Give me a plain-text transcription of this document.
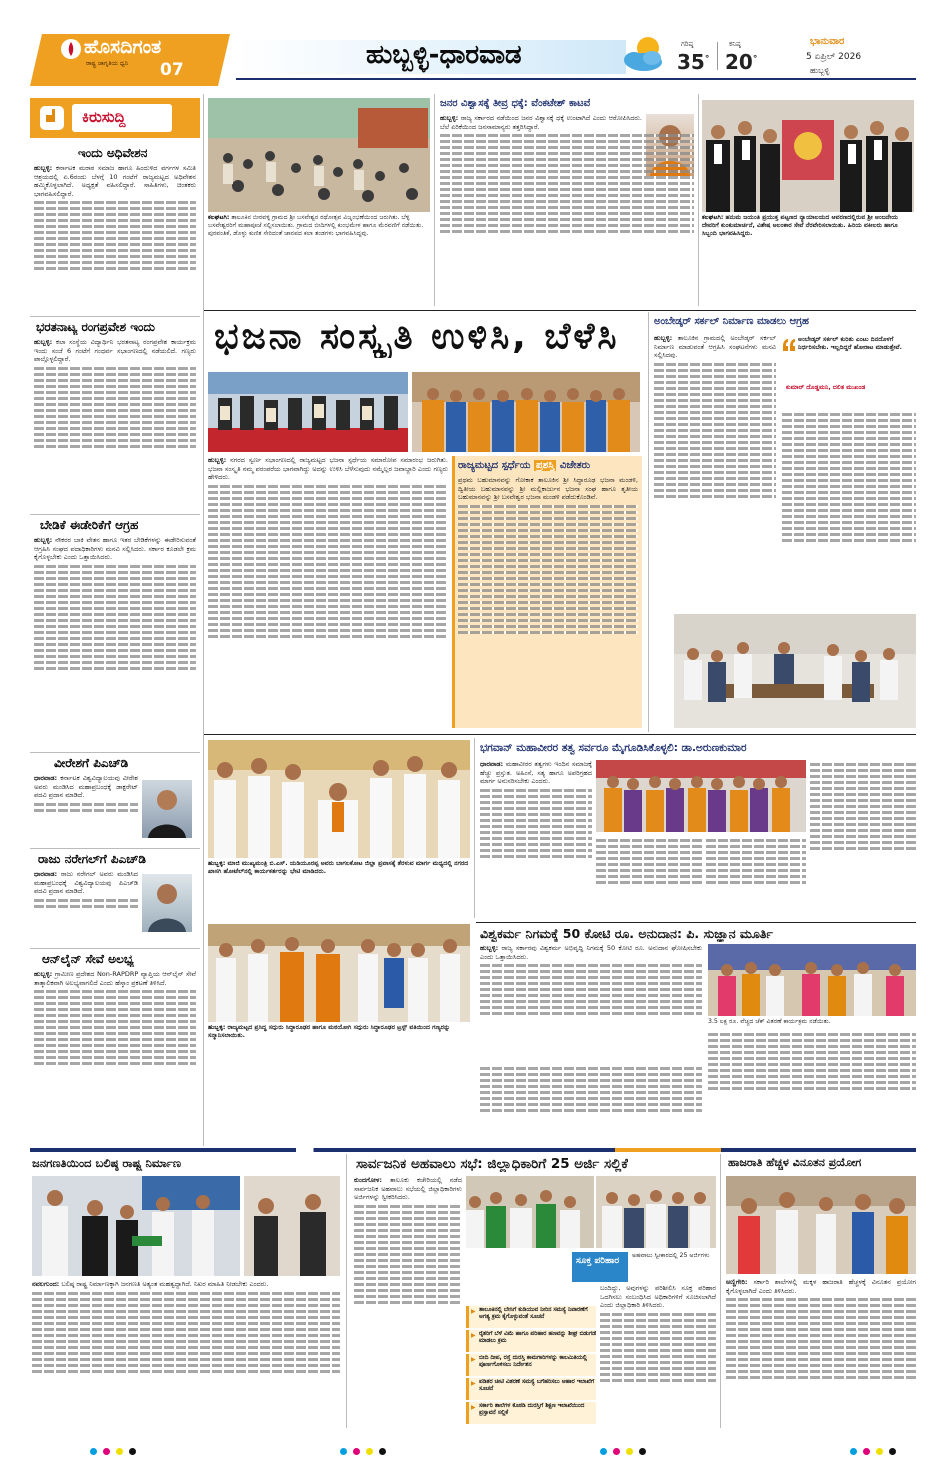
ಹೊಸದಿಗಂತ
ರಾಷ್ಟ್ರ ಜಾಗೃತಿಯ ಧ್ವನಿ 07	ಹುಬ್ಬಳ್ಳಿ-ಧಾರವಾಡ	ಗರಿಷ್ಠ
35°
ಕನಿಷ್ಠ
20°
ಭಾನುವಾರ
5 ಏಪ್ರಿಲ್ 2026
ಹುಬ್ಬಳ್ಳಿ
ಕಿರುಸುದ್ದಿ
ಇಂದು ಅಧಿವೇಶನ
ಹುಬ್ಬಳ್ಳಿ: ಕರ್ನಾಟಕ ಮರಾಠ ಸಮಾಜ ಹಾಗೂ ಹಿಂದುಳಿದ ವರ್ಗಗಳ ಸಮಿತಿ ಆಶ್ರಯದಲ್ಲಿ ಏ.6ರಂದು ಬೆಳಗ್ಗೆ 10 ಗಂಟೆಗೆ ರಾಜ್ಯಮಟ್ಟದ ಅಧಿವೇಶನ ಹಮ್ಮಿಕೊಳ್ಳಲಾಗಿದೆ. ಅಧ್ಯಕ್ಷತೆ ವಹಿಸಲಿದ್ದಾರೆ. ಸಾಹಿತಿಗಳು, ಚಿಂತಕರು ಭಾಗವಹಿಸಲಿದ್ದಾರೆ.
ಭರತನಾಟ್ಯ ರಂಗಪ್ರವೇಶ ಇಂದು
ಹುಬ್ಬಳ್ಳಿ: ಕಲಾ ಸಂಸ್ಥೆಯ ವಿದ್ಯಾರ್ಥಿನಿ ಭರತನಾಟ್ಯ ರಂಗಪ್ರವೇಶ ಕಾರ್ಯಕ್ರಮ ಇಂದು ಸಂಜೆ 6 ಗಂಟೆಗೆ ಗಂಧರ್ವ ಸಭಾಂಗಣದಲ್ಲಿ ನಡೆಯಲಿದೆ. ಗಣ್ಯರು ಪಾಲ್ಗೊಳ್ಳಲಿದ್ದಾರೆ.
ಬೇಡಿಕೆ ಈಡೇರಿಕೆಗೆ ಆಗ್ರಹ
ಹುಬ್ಬಳ್ಳಿ: ನೌಕರರ ಬಾಕಿ ವೇತನ ಹಾಗೂ ಇತರ ಬೇಡಿಕೆಗಳನ್ನು ಈಡೇರಿಸುವಂತೆ ಆಗ್ರಹಿಸಿ ಸಂಘದ ಪದಾಧಿಕಾರಿಗಳು ಮನವಿ ಸಲ್ಲಿಸಿದರು. ಸರ್ಕಾರ ಕೂಡಲೇ ಕ್ರಮ ಕೈಗೊಳ್ಳಬೇಕು ಎಂದು ಒತ್ತಾಯಿಸಿದರು.
ವೀರೇಶಗೆ ಪಿಎಚ್‌ಡಿ
ಧಾರವಾಡ: ಕರ್ನಾಟಕ ವಿಶ್ವವಿದ್ಯಾಲಯವು ವೀರೇಶ ಅವರು ಮಂಡಿಸಿದ ಮಹಾಪ್ರಬಂಧಕ್ಕೆ ಡಾಕ್ಟರೇಟ್ ಪದವಿ ಪ್ರದಾನ ಮಾಡಿದೆ.
ರಾಜು ನರೇಗಲ್‌ಗೆ ಪಿಎಚ್‌ಡಿ
ಧಾರವಾಡ: ರಾಜು ನರೇಗಲ್ ಅವರು ಮಂಡಿಸಿದ ಮಹಾಪ್ರಬಂಧಕ್ಕೆ ವಿಶ್ವವಿದ್ಯಾಲಯವು ಪಿಎಚ್‌ಡಿ ಪದವಿ ಪ್ರದಾನ ಮಾಡಿದೆ.
ಆನ್‌ಲೈನ್ ಸೇವೆ ಅಲಭ್ಯ
ಹುಬ್ಬಳ್ಳಿ: ಗ್ರಾಮೀಣ ಪ್ರದೇಶದ Non-RAPDRP ವ್ಯಾಪ್ತಿಯ ಆನ್‌ಲೈನ್ ಸೇವೆ ತಾತ್ಕಾಲಿಕವಾಗಿ ಅಲಭ್ಯವಾಗಲಿದೆ ಎಂದು ಹೆಸ್ಕಾಂ ಪ್ರಕಟಣೆ ತಿಳಿಸಿದೆ.
ಕಲಘಟಗಿ: ತಾಲೂಕಿನ ಬೀರವಳ್ಳಿ ಗ್ರಾಮದ ಶ್ರೀ ಬಸವೇಶ್ವರ ರಥೋತ್ಸವ ವಿಜೃಂಭಣೆಯಿಂದ ಜರುಗಿತು. ಬೆಳ್ಳಿ ಬಸವೇಶ್ವರರಿಗೆ ಮಹಾಪೂಜೆ ಸಲ್ಲಿಸಲಾಯಿತು. ಗ್ರಾಮದ ಬೀದಿಗಳಲ್ಲಿ ಕುಂಭಮೇಳ ಹಾಗೂ ಮೆರವಣಿಗೆ ನಡೆಯಿತು. ಪುರವಂತಿಕೆ, ಡೊಳ್ಳು ಕುಣಿತ ಸೇರಿದಂತೆ ಜಾನಪದ ಕಲಾ ತಂಡಗಳು ಭಾಗವಹಿಸಿದ್ದವು.
ಜನರ ವಿಶ್ವಾಸಕ್ಕೆ ತೀವ್ರ ಧಕ್ಕೆ: ವೆಂಕಟೇಶ್ ಕಾಟವೆ
ಹುಬ್ಬಳ್ಳಿ: ರಾಜ್ಯ ಸರ್ಕಾರದ ನಡೆಯಿಂದ ಜನರ ವಿಶ್ವಾಸಕ್ಕೆ ಧಕ್ಕೆ ಉಂಟಾಗಿದೆ ಎಂದು ಆರೋಪಿಸಿದರು. ಬೆಲೆ ಏರಿಕೆಯಿಂದ ಜನಸಾಮಾನ್ಯರು ತತ್ತರಿಸಿದ್ದಾರೆ.
ಕಲಘಟಗಿ: ಹನುಮ ಜಯಂತಿ ಪ್ರಯುಕ್ತ ಪಟ್ಟಣದ ನ್ಯಾಯಾಲಯದ ಆವರಣದಲ್ಲಿರುವ ಶ್ರೀ ಆಂಜನೇಯ ದೇವರಿಗೆ ಕುಂಕುಮಾರ್ಚನೆ, ವಿಶೇಷ ಅಲಂಕಾರ ಸೇವೆ ನೆರವೇರಿಸಲಾಯಿತು. ಹಿರಿಯ ವಕೀಲರು ಹಾಗೂ ಸಿಬ್ಬಂದಿ ಭಾಗವಹಿಸಿದ್ದರು.
ಭಜನಾ ಸಂಸ್ಕೃತಿ ಉಳಿಸಿ, ಬೆಳೆಸಿ
ಹುಬ್ಬಳ್ಳಿ: ನಗರದ ಸ್ವರ್ಣ ಸಭಾಂಗಣದಲ್ಲಿ ರಾಜ್ಯಮಟ್ಟದ ಭಜನಾ ಸ್ಪರ್ಧೆಯ ಸಮಾರೋಪ ಸಮಾರಂಭ ಜರುಗಿತು. ಭಜನಾ ಸಂಸ್ಕೃತಿ ನಮ್ಮ ಪರಂಪರೆಯ ಭಾಗವಾಗಿದ್ದು ಅದನ್ನು ಉಳಿಸಿ ಬೆಳೆಸುವುದು ನಮ್ಮೆಲ್ಲರ ಜವಾಬ್ದಾರಿ ಎಂದು ಗಣ್ಯರು ಹೇಳಿದರು.
ರಾಜ್ಯಮಟ್ಟದ ಸ್ಪರ್ಧೆಯ ಪ್ರಶಸ್ತಿ ವಿಜೇತರು
ಪ್ರಥಮ ಬಹುಮಾನವನ್ನು ಗೋಕಾಕ ತಾಲೂಕಿನ ಶ್ರೀ ಸಿದ್ಧಾರೂಢ ಭಜನಾ ಮಂಡಳಿ, ದ್ವಿತೀಯ ಬಹುಮಾನವನ್ನು ಶ್ರೀ ಮಲ್ಲಿಕಾರ್ಜುನ ಭಜನಾ ಸಂಘ ಹಾಗೂ ತೃತೀಯ ಬಹುಮಾನವನ್ನು ಶ್ರೀ ಬಸವೇಶ್ವರ ಭಜನಾ ಮಂಡಳಿ ಪಡೆದುಕೊಂಡಿವೆ.
ಅಂಬೇಡ್ಕರ್ ಸರ್ಕಲ್ ನಿರ್ಮಾಣ ಮಾಡಲು ಆಗ್ರಹ
ಹುಬ್ಬಳ್ಳಿ: ತಾಲೂಕಿನ ಗ್ರಾಮದಲ್ಲಿ ಅಂಬೇಡ್ಕರ್ ಸರ್ಕಲ್ ನಿರ್ಮಾಣ ಮಾಡುವಂತೆ ಆಗ್ರಹಿಸಿ ಸಂಘಟನೆಗಳು ಮನವಿ ಸಲ್ಲಿಸಿದವು.
ಅಂಬೇಡ್ಕರ್ ಸರ್ಕಲ್ ಕುರಿತು ಎಂಟು ದಿನದೊಳಗೆ ನಿರ್ಧರಿಸಬೇಕು. ಇಲ್ಲದಿದ್ದರೆ ಹೋರಾಟ ಮಾಡುತ್ತೇವೆ.
ಕುಮಾರ್ ದೊಡ್ಡಮನಿ, ದಲಿತ ಮುಖಂಡ
ಹುಬ್ಬಳ್ಳಿ: ಮಾಜಿ ಮುಖ್ಯಮಂತ್ರಿ ಬಿ.ಎಸ್. ಯಡಿಯೂರಪ್ಪ ಅವರು ಬಾಗಲಕೋಟ ಜಿಲ್ಲಾ ಪ್ರವಾಸಕ್ಕೆ ತೆರಳುವ ಮಾರ್ಗ ಮಧ್ಯದಲ್ಲಿ ನಗರದ ಖಾಸಗಿ ಹೋಟೆಲ್‌ನಲ್ಲಿ ಕಾರ್ಯಕರ್ತರನ್ನು ಭೇಟಿ ಮಾಡಿದರು.
ಭಗವಾನ್ ಮಹಾವೀರರ ತತ್ವ ಸರ್ವರೂ ಮೈಗೂಡಿಸಿಕೊಳ್ಳಲಿ: ಡಾ.ಅರುಣಕುಮಾರ
ಧಾರವಾಡ: ಮಹಾವೀರರ ತತ್ವಗಳು ಇಂದಿನ ಸಮಾಜಕ್ಕೆ ಹೆಚ್ಚು ಪ್ರಸ್ತುತ. ಅಹಿಂಸೆ, ಸತ್ಯ ಹಾಗೂ ಅಪರಿಗ್ರಹದ ಮಾರ್ಗ ಅನುಸರಿಸಬೇಕು ಎಂದರು.
ಹುಬ್ಬಳ್ಳಿ: ರಾಜ್ಯಮಟ್ಟದ ಪ್ರಸಿದ್ಧ ಸದ್ಗುರು ಸಿದ್ಧಾರೂಢರ ಹಾಗೂ ಮಠಯೋಗಿ ಸದ್ಗುರು ಸಿದ್ಧಾರೂಢರ ಟ್ರಸ್ಟ್ ವತಿಯಿಂದ ಗಣ್ಯರನ್ನು ಸನ್ಮಾನಿಸಲಾಯಿತು.
ವಿಶ್ವಕರ್ಮ ನಿಗಮಕ್ಕೆ 50 ಕೋಟಿ ರೂ. ಅನುದಾನ: ಪಿ. ಸುಜ್ಞಾನ ಮೂರ್ತಿ
ಹುಬ್ಬಳ್ಳಿ: ರಾಜ್ಯ ಸರ್ಕಾರವು ವಿಶ್ವಕರ್ಮ ಅಭಿವೃದ್ಧಿ ನಿಗಮಕ್ಕೆ 50 ಕೋಟಿ ರೂ. ಅನುದಾನ ಘೋಷಿಸಬೇಕು ಎಂದು ಒತ್ತಾಯಿಸಿದರು.
3.5 ಲಕ್ಷ ರೂ. ವೆಚ್ಚದ ಚೆಕ್ ವಿತರಣೆ ಕಾರ್ಯಕ್ರಮ ನಡೆಯಿತು.
ಜನಗಣತಿಯಿಂದ ಬಲಿಷ್ಠ ರಾಷ್ಟ್ರ ನಿರ್ಮಾಣ
ನವಲಗುಂದ: ಬಲಿಷ್ಠ ರಾಷ್ಟ್ರ ನಿರ್ಮಾಣಕ್ಕಾಗಿ ಜನಗಣತಿ ಅತ್ಯಂತ ಮಹತ್ವದ್ದಾಗಿದೆ. ನಿಖರ ಮಾಹಿತಿ ನೀಡಬೇಕು ಎಂದರು.
ಸಾರ್ವಜನಿಕ ಅಹವಾಲು ಸಭೆ: ಜಿಲ್ಲಾಧಿಕಾರಿಗೆ 25 ಅರ್ಜಿ ಸಲ್ಲಿಕೆ
ಕುಂದಗೋಳ: ತಾಲೂಕು ಕಚೇರಿಯಲ್ಲಿ ನಡೆದ ಸಾರ್ವಜನಿಕ ಅಹವಾಲು ಸಭೆಯಲ್ಲಿ ಜಿಲ್ಲಾಧಿಕಾರಿಗಳು ಅರ್ಜಿಗಳನ್ನು ಸ್ವೀಕರಿಸಿದರು.
ಸೂಕ್ತ ಪರಿಹಾರ
ಅಹವಾಲು ಸ್ವೀಕಾರದಲ್ಲಿ 25 ಅರ್ಜಿಗಳು
ಬಂದಿದ್ದು, ಅವುಗಳನ್ನು ಪರಿಶೀಲಿಸಿ ಸೂಕ್ತ ಪರಿಹಾರ ಒದಗಿಸಲು ಸಂಬಂಧಿಸಿದ ಅಧಿಕಾರಿಗಳಿಗೆ ಸೂಚಿಸಲಾಗಿದೆ ಎಂದು ಜಿಲ್ಲಾಧಿಕಾರಿ ತಿಳಿಸಿದರು.
▶ ತಾಲೂಕಿನಲ್ಲಿ ಬೇಸಿಗೆ ಕುಡಿಯುವ ನೀರಿನ ಸಮಸ್ಯೆ ನಿವಾರಣೆಗೆ ಅಗತ್ಯ ಕ್ರಮ ಕೈಗೊಳ್ಳುವಂತೆ ಸೂಚನೆ
▶ ರೈತರಿಗೆ ಬೆಳೆ ವಿಮೆ ಹಾಗೂ ಪರಿಹಾರ ಹಣವನ್ನು ಶೀಘ್ರ ಬಿಡುಗಡೆ ಮಾಡಲು ಕ್ರಮ
▶ ಬೀದಿ ದೀಪ, ರಸ್ತೆ ದುರಸ್ತಿ ಕಾಮಗಾರಿಗಳನ್ನು ಕಾಲಮಿತಿಯಲ್ಲಿ ಪೂರ್ಣಗೊಳಿಸಲು ನಿರ್ದೇಶನ
▶ ಪಡಿತರ ಚೀಟಿ ವಿತರಣೆ ಸಮಸ್ಯೆ ಬಗೆಹರಿಸಲು ಆಹಾರ ಇಲಾಖೆಗೆ ಸೂಚನೆ
▶ ಸರ್ಕಾರಿ ಶಾಲೆಗಳ ಕೊಠಡಿ ದುರಸ್ತಿಗೆ ಶಿಕ್ಷಣ ಇಲಾಖೆಯಿಂದ ಪ್ರಸ್ತಾವನೆ ಸಲ್ಲಿಕೆ
ಹಾಜರಾತಿ ಹೆಚ್ಚಳ ವಿನೂತನ ಪ್ರಯೋಗ
ಅಣ್ಣಿಗೇರಿ: ಸರ್ಕಾರಿ ಶಾಲೆಗಳಲ್ಲಿ ಮಕ್ಕಳ ಹಾಜರಾತಿ ಹೆಚ್ಚಳಕ್ಕೆ ವಿನೂತನ ಪ್ರಯೋಗ ಕೈಗೊಳ್ಳಲಾಗಿದೆ ಎಂದು ತಿಳಿಸಿದರು.
